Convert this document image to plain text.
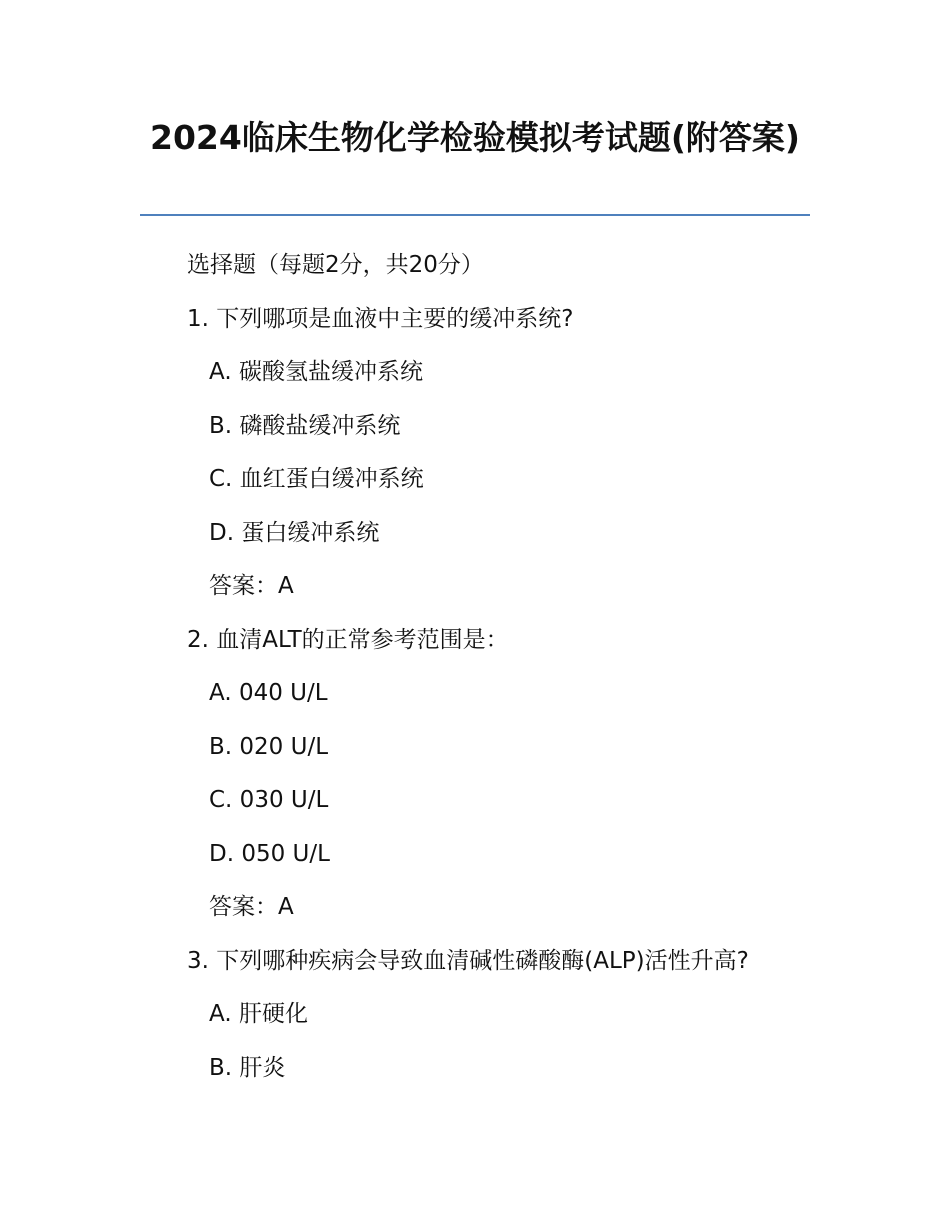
2024临床生物化学检验模拟考试题(附答案)

选择题（每题2分，共20分）

1. 下列哪项是血液中主要的缓冲系统?

A. 碳酸氢盐缓冲系统

B. 磷酸盐缓冲系统

C. 血红蛋白缓冲系统

D. 蛋白缓冲系统

答案：A

2. 血清ALT的正常参考范围是：

A. 040 U/L

B. 020 U/L

C. 030 U/L

D. 050 U/L

答案：A

3. 下列哪种疾病会导致血清碱性磷酸酶(ALP)活性升高?

A. 肝硬化

B. 肝炎
